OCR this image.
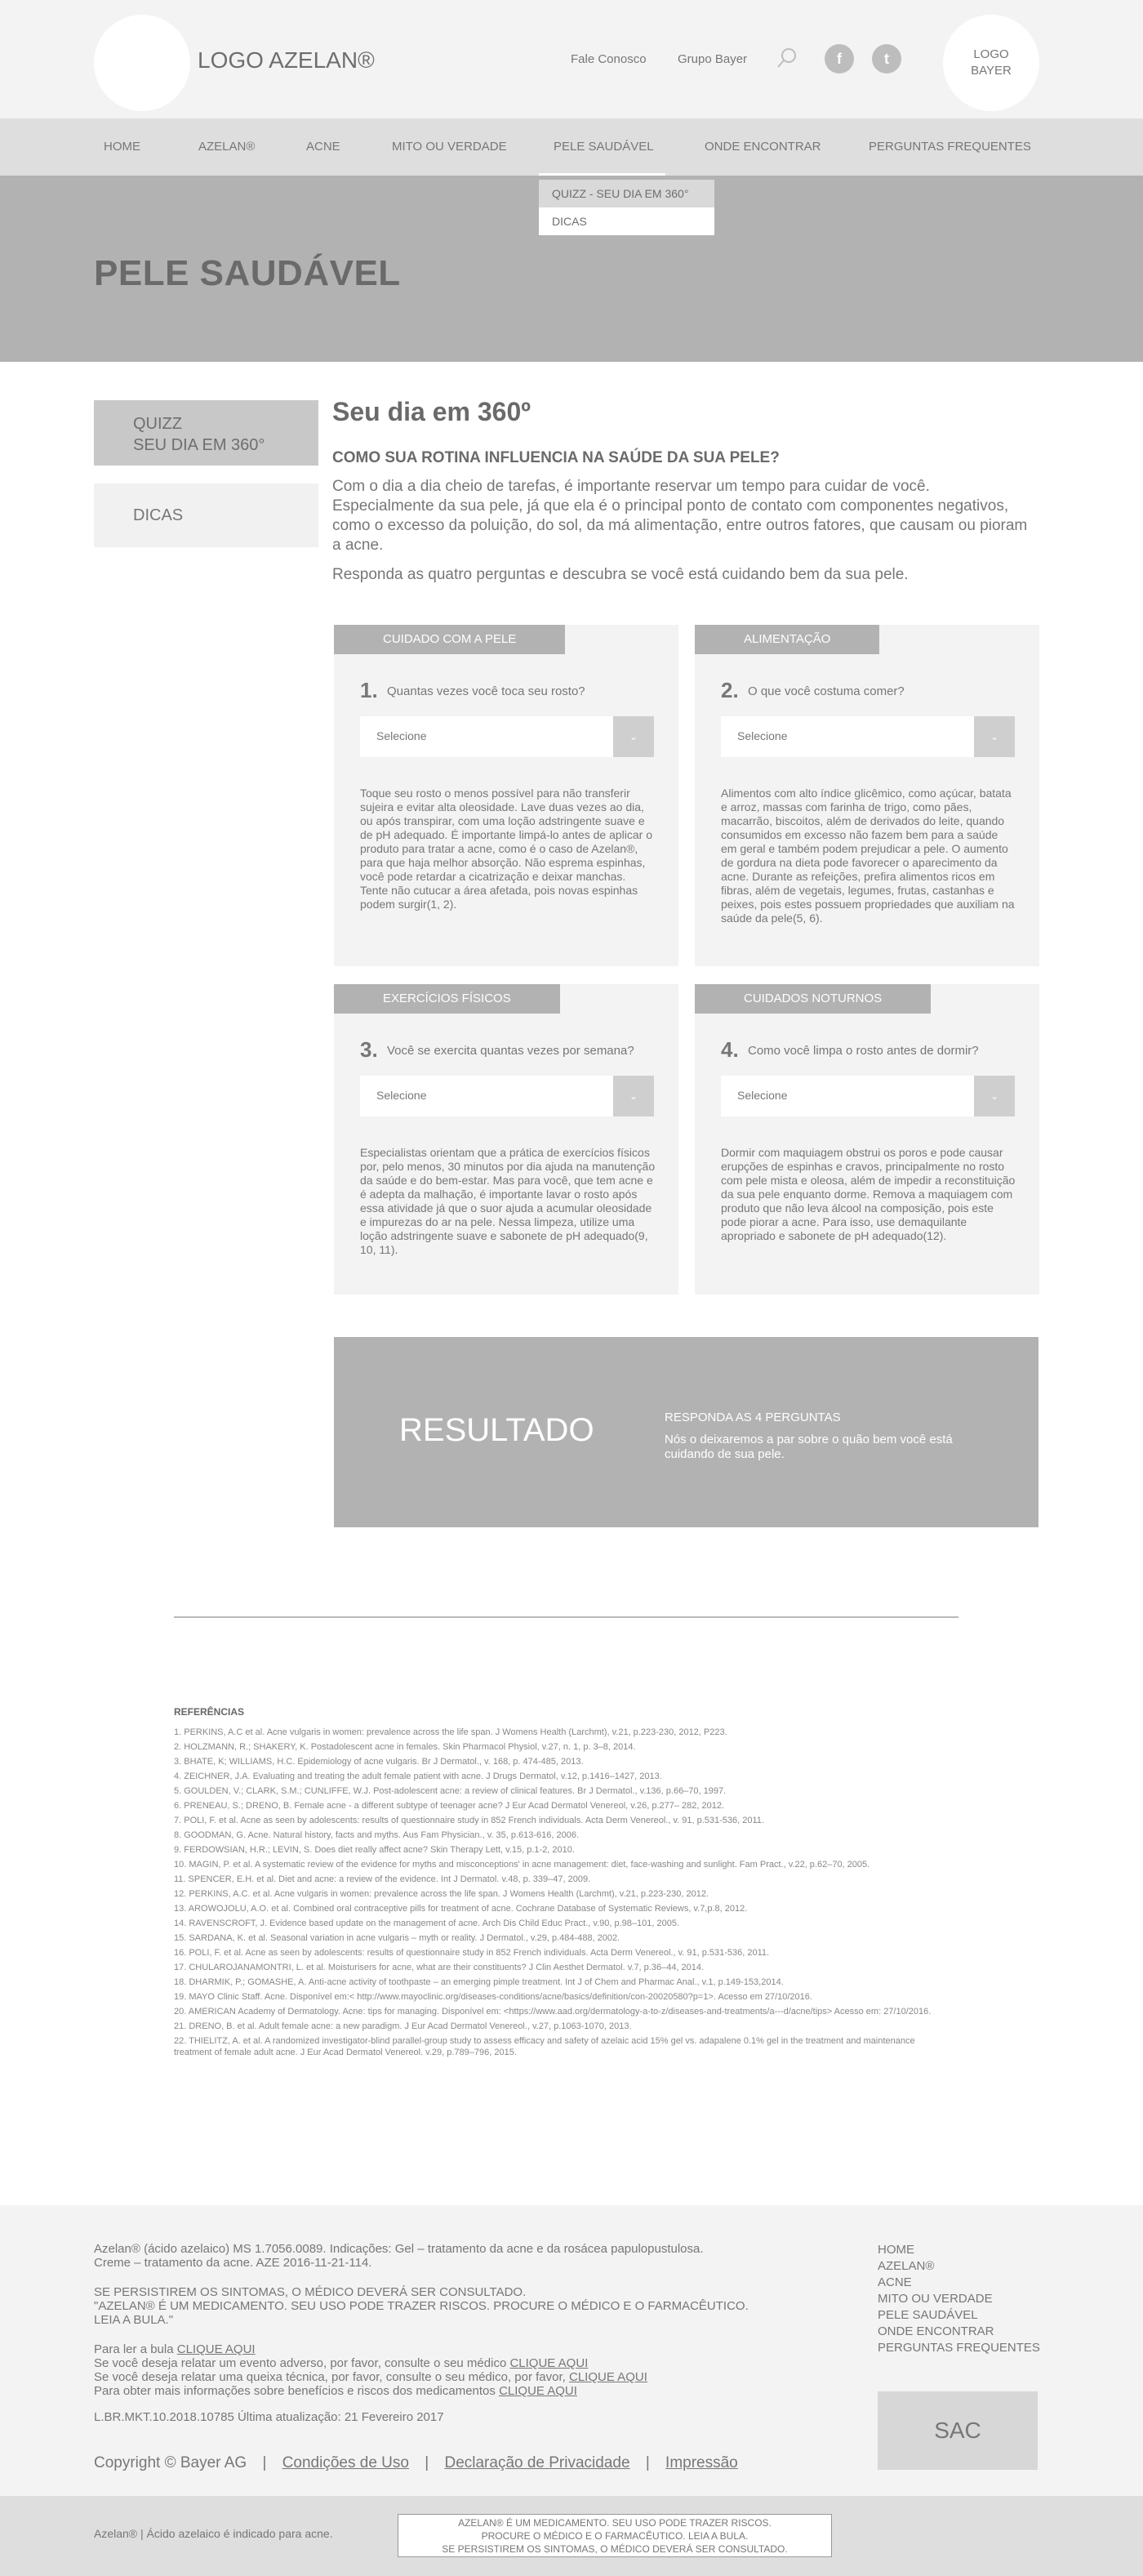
LOGO AZELAN®	Fale Conosco	Grupo Bayer	f	t	LOGO
BAYER
HOME	AZELAN®	ACNE	MITO OU VERDADE	PELE SAUDÁVEL	ONDE ENCONTRAR	PERGUNTAS FREQUENTES
PELE SAUDÁVEL
QUIZZ - SEU DIA EM 360°
DICAS
QUIZZ
SEU DIA EM 360°
DICAS
Seu dia em 360º
COMO SUA ROTINA INFLUENCIA NA SAÚDE DA SUA PELE?

Com o dia a dia cheio de tarefas, é importante reservar um tempo para cuidar de você. Especialmente da sua pele, já que ela é o principal ponto de contato com componentes negativos, como o excesso da poluição, do sol, da má alimentação, entre outros fatores, que causam ou pioram a acne.

Responda as quatro perguntas e descubra se você está cuidando bem da sua pele.

CUIDADO COM A PELE
1. Quantas vezes você toca seu rosto?
Selecione	⌄

Toque seu rosto o menos possível para não transferir sujeira e evitar alta oleosidade. Lave duas vezes ao dia, ou após transpirar, com uma loção adstringente suave e de pH adequado. É importante limpá-lo antes de aplicar o produto para tratar a acne, como é o caso de Azelan®, para que haja melhor absorção. Não esprema espinhas, você pode retardar a cicatrização e deixar manchas. Tente não cutucar a área afetada, pois novas espinhas podem surgir(1, 2).

ALIMENTAÇÃO
2. O que você costuma comer?
Selecione	⌄

Alimentos com alto índice glicêmico, como açúcar, batata e arroz, massas com farinha de trigo, como pães, macarrão, biscoitos, além de derivados do leite, quando consumidos em excesso não fazem bem para a saúde em geral e também podem prejudicar a pele. O aumento de gordura na dieta pode favorecer o aparecimento da acne. Durante as refeições, prefira alimentos ricos em fibras, além de vegetais, legumes, frutas, castanhas e peixes, pois estes possuem propriedades que auxiliam na saúde da pele(5, 6).

EXERCÍCIOS FÍSICOS
3. Você se exercita quantas vezes por semana?
Selecione	⌄

Especialistas orientam que a prática de exercícios físicos por, pelo menos, 30 minutos por dia ajuda na manutenção da saúde e do bem-estar. Mas para você, que tem acne e é adepta da malhação, é importante lavar o rosto após essa atividade já que o suor ajuda a acumular oleosidade e impurezas do ar na pele. Nessa limpeza, utilize uma loção adstringente suave e sabonete de pH adequado(9, 10, 11).

CUIDADOS NOTURNOS
4. Como você limpa o rosto antes de dormir?
Selecione	⌄

Dormir com maquiagem obstrui os poros e pode causar erupções de espinhas e cravos, principalmente no rosto com pele mista e oleosa, além de impedir a reconstituição da sua pele enquanto dorme. Remova a maquiagem com produto que não leva álcool na composição, pois este pode piorar a acne. Para isso, use demaquilante apropriado e sabonete de pH adequado(12).

RESULTADO	RESPONDA AS 4 PERGUNTAS
Nós o deixaremos a par sobre o quão bem você está cuidando de sua pele.
REFERÊNCIAS
1. PERKINS, A.C et al. Acne vulgaris in women: prevalence across the life span. J Womens Health (Larchmt), v.21, p.223-230, 2012, P223.
2. HOLZMANN, R.; SHAKERY, K. Postadolescent acne in females. Skin Pharmacol Physiol, v.27, n. 1, p. 3–8, 2014.
3. BHATE, K; WILLIAMS, H.C. Epidemiology of acne vulgaris. Br J Dermatol., v. 168, p. 474-485, 2013.
4. ZEICHNER, J.A. Evaluating and treating the adult female patient with acne. J Drugs Dermatol, v.12, p.1416–1427, 2013.
5. GOULDEN, V.; CLARK, S.M.; CUNLIFFE, W.J. Post-adolescent acne: a review of clinical features. Br J Dermatol., v.136, p.66–70, 1997.
6. PRENEAU, S.; DRENO, B. Female acne - a different subtype of teenager acne? J Eur Acad Dermatol Venereol, v.26, p.277– 282, 2012.
7. POLI, F. et al. Acne as seen by adolescents: results of questionnaire study in 852 French individuals. Acta Derm Venereol., v. 91, p.531-536, 2011.
8. GOODMAN, G. Acne. Natural history, facts and myths. Aus Fam Physician., v. 35, p.613-616, 2006.
9. FERDOWSIAN, H.R.; LEVIN, S. Does diet really affect acne? Skin Therapy Lett, v.15, p.1-2, 2010.
10. MAGIN, P. et al. A systematic review of the evidence for myths and misconceptions' in acne management: diet, face-washing and sunlight. Fam Pract., v.22, p.62–70, 2005.
11. SPENCER, E.H. et al. Diet and acne: a review of the evidence. Int J Dermatol. v.48, p. 339–47, 2009.
12. PERKINS, A.C. et al. Acne vulgaris in women: prevalence across the life span. J Womens Health (Larchmt), v.21, p.223-230, 2012.
13. AROWOJOLU, A.O. et al. Combined oral contraceptive pills for treatment of acne. Cochrane Database of Systematic Reviews, v.7,p.8, 2012.
14. RAVENSCROFT, J. Evidence based update on the management of acne. Arch Dis Child Educ Pract., v.90, p.98–101, 2005.
15. SARDANA, K. et al. Seasonal variation in acne vulgaris – myth or reality. J Dermatol., v.29, p.484-488, 2002.
16. POLI, F. et al. Acne as seen by adolescents: results of questionnaire study in 852 French individuals. Acta Derm Venereol., v. 91, p.531-536, 2011.
17. CHULAROJANAMONTRI, L. et al. Moisturisers for acne, what are their constituents? J Clin Aesthet Dermatol. v.7, p.36–44, 2014.
18. DHARMIK, P.; GOMASHE, A. Anti-acne activity of toothpaste – an emerging pimple treatment. Int J of Chem and Pharmac Anal., v.1, p.149-153,2014.
19. MAYO Clinic Staff. Acne. Disponível em:< http://www.mayoclinic.org/diseases-conditions/acne/basics/definition/con-20020580?p=1>. Acesso em 27/10/2016.
20. AMERICAN Academy of Dermatology. Acne: tips for managing. Disponível em: <https://www.aad.org/dermatology-a-to-z/diseases-and-treatments/a---d/acne/tips> Acesso em: 27/10/2016.
21. DRENO, B. et al. Adult female acne: a new paradigm. J Eur Acad Dermatol Venereol., v.27, p.1063-1070, 2013.
22. THIELITZ, A. et al. A randomized investigator-blind parallel-group study to assess efficacy and safety of azelaic acid 15% gel vs. adapalene 0.1% gel in the treatment and maintenance treatment of female adult acne. J Eur Acad Dermatol Venereol. v.29, p.789–796, 2015.
Azelan® (ácido azelaico) MS 1.7056.0089. Indicações: Gel – tratamento da acne e da rosácea papulopustulosa.
Creme – tratamento da acne. AZE 2016-11-21-114.
SE PERSISTIREM OS SINTOMAS, O MÉDICO DEVERÁ SER CONSULTADO.
"AZELAN® É UM MEDICAMENTO. SEU USO PODE TRAZER RISCOS. PROCURE O MÉDICO E O FARMACÊUTICO.
LEIA A BULA."
Para ler a bula CLIQUE AQUI
Se você deseja relatar um evento adverso, por favor, consulte o seu médico CLIQUE AQUI
Se você deseja relatar uma queixa técnica, por favor, consulte o seu médico, por favor, CLIQUE AQUI
Para obter mais informações sobre benefícios e riscos dos medicamentos CLIQUE AQUI
L.BR.MKT.10.2018.10785 Última atualização: 21 Fevereiro 2017
HOME
AZELAN®
ACNE
MITO OU VERDADE
PELE SAUDÁVEL
ONDE ENCONTRAR
PERGUNTAS FREQUENTES
SAC
Copyright © Bayer AG | Condições de Uso | Declaração de Privacidade | Impressão
Azelan® | Ácido azelaico é indicado para acne.
AZELAN® É UM MEDICAMENTO. SEU USO PODE TRAZER RISCOS.
PROCURE O MÉDICO E O FARMACÊUTICO. LEIA A BULA.
SE PERSISTIREM OS SINTOMAS, O MÉDICO DEVERÁ SER CONSULTADO.
